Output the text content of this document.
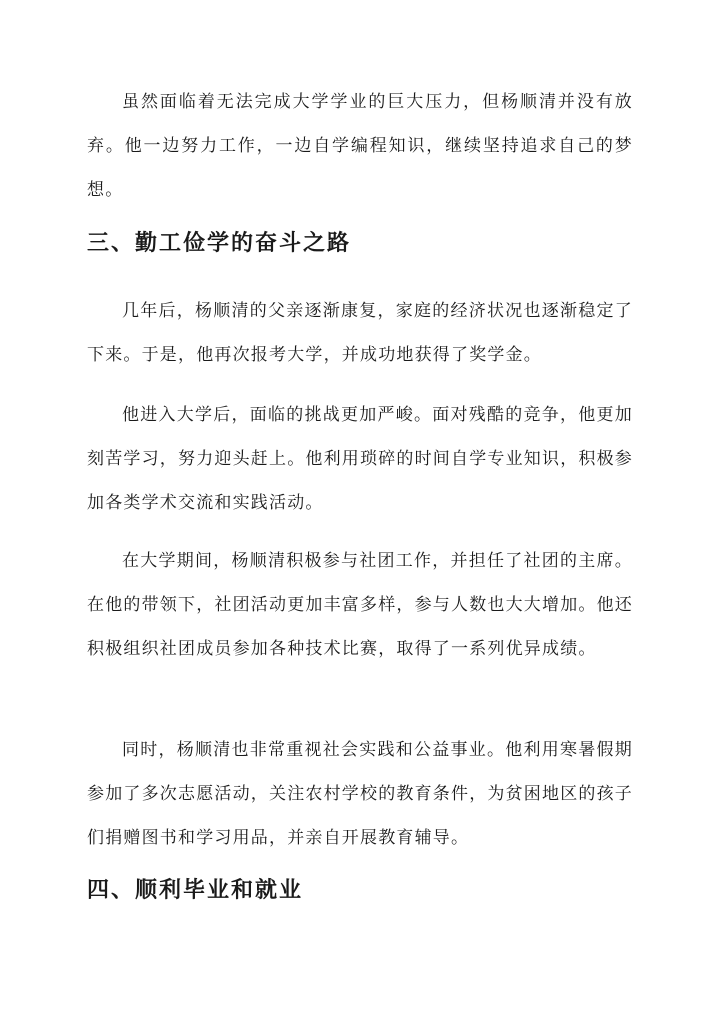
虽然面临着无法完成大学学业的巨大压力，但杨顺清并没有放弃。他一边努力工作，一边自学编程知识，继续坚持追求自己的梦想。

三、勤工俭学的奋斗之路

几年后，杨顺清的父亲逐渐康复，家庭的经济状况也逐渐稳定了下来。于是，他再次报考大学，并成功地获得了奖学金。

他进入大学后，面临的挑战更加严峻。面对残酷的竞争，他更加刻苦学习，努力迎头赶上。他利用琐碎的时间自学专业知识，积极参加各类学术交流和实践活动。

在大学期间，杨顺清积极参与社团工作，并担任了社团的主席。在他的带领下，社团活动更加丰富多样，参与人数也大大增加。他还积极组织社团成员参加各种技术比赛，取得了一系列优异成绩。

同时，杨顺清也非常重视社会实践和公益事业。他利用寒暑假期参加了多次志愿活动，关注农村学校的教育条件，为贫困地区的孩子们捐赠图书和学习用品，并亲自开展教育辅导。

四、顺利毕业和就业
